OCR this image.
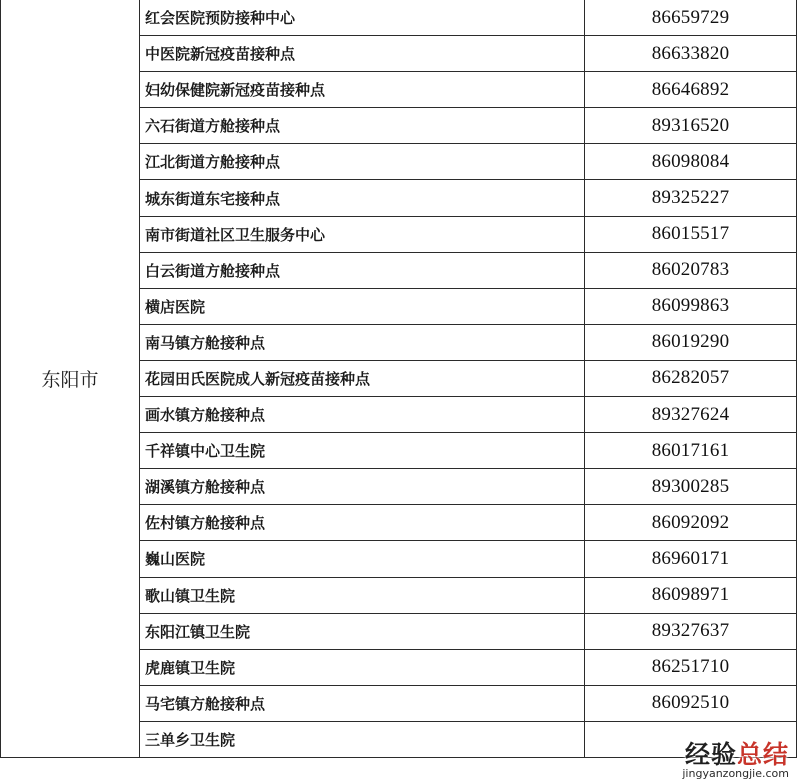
东阳市	红会医院预防接种中心	86659729
	中医院新冠疫苗接种点	86633820
	妇幼保健院新冠疫苗接种点	86646892
	六石街道方舱接种点	89316520
	江北街道方舱接种点	86098084
	城东街道东宅接种点	89325227
	南市街道社区卫生服务中心	86015517
	白云街道方舱接种点	86020783
	横店医院	86099863
	南马镇方舱接种点	86019290
	花园田氏医院成人新冠疫苗接种点	86282057
	画水镇方舱接种点	89327624
	千祥镇中心卫生院	86017161
	湖溪镇方舱接种点	89300285
	佐村镇方舱接种点	86092092
	巍山医院	86960171
	歌山镇卫生院	86098971
	东阳江镇卫生院	89327637
	虎鹿镇卫生院	86251710
	马宅镇方舱接种点	86092510
	三单乡卫生院	
经验总结
jingyanzongjie.com
